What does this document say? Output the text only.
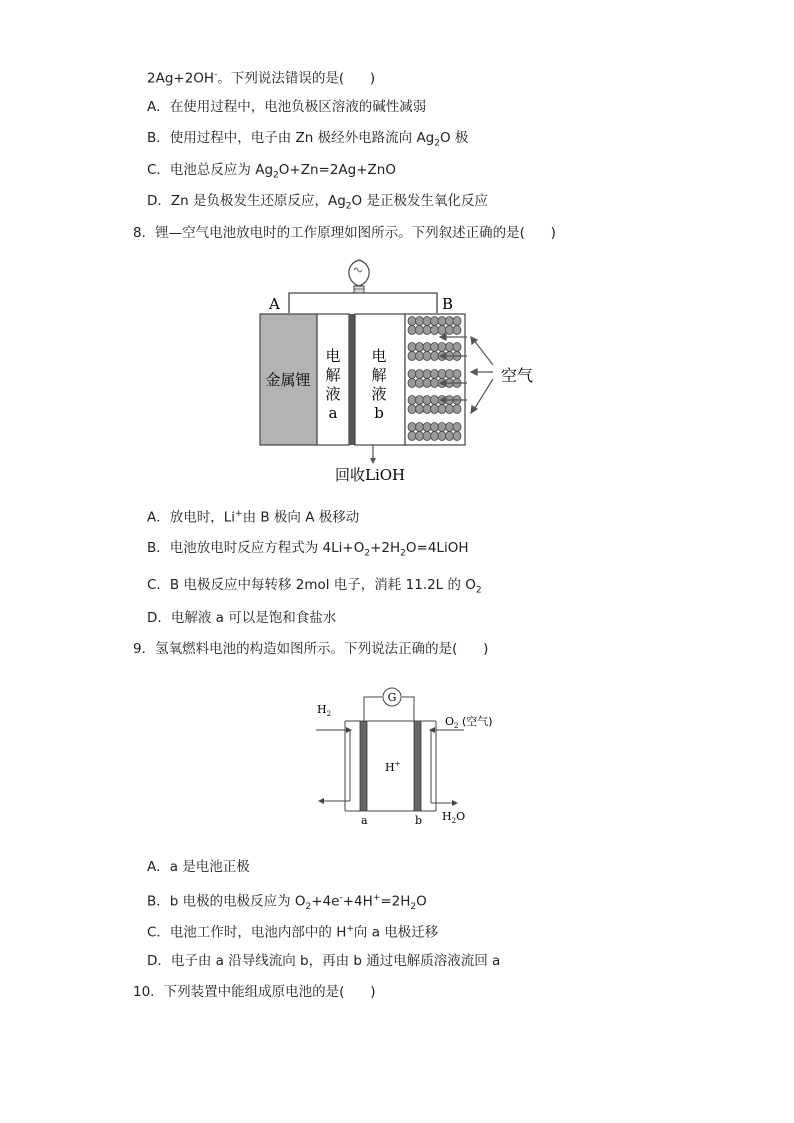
2Ag+2OH-。下列说法错误的是(      )
A．在使用过程中，电池负极区溶液的碱性减弱
B．使用过程中，电子由 Zn 极经外电路流向 $Ag_2O$ 极
C．电池总反应为 $Ag_2O+Zn=2Ag+ZnO$
D．Zn 是负极发生还原反应，$Ag_2O$ 是正极发生氧化反应
8．锂—空气电池放电时的工作原理如图所示。下列叙述正确的是(      )
A	B
金属锂
电
解
液
a
电
解
液
b
空气
回收LiOH
A．放电时，Li+由 B 极向 A 极移动
B．电池放电时反应方程式为 $4Li+O_2+2H_2O=4LiOH$
C．B 电极反应中每转移 2mol 电子，消耗 11.2L 的 $O_2$
D．电解液 a 可以是饱和食盐水
9．氢氧燃料电池的构造如图所示。下列说法正确的是(      )
G
H+
$H_2$
$O_2$ (空气)
a	b $H_2O$
A．a 是电池正极
B．b 电极的电极反应为 $O_2+4e^-+4H^+=2H_2O$
C．电池工作时，电池内部中的 H+向 a 电极迁移
D．电子由 a 沿导线流向 b，再由 b 通过电解质溶液流回 a
10．下列装置中能组成原电池的是(      )
